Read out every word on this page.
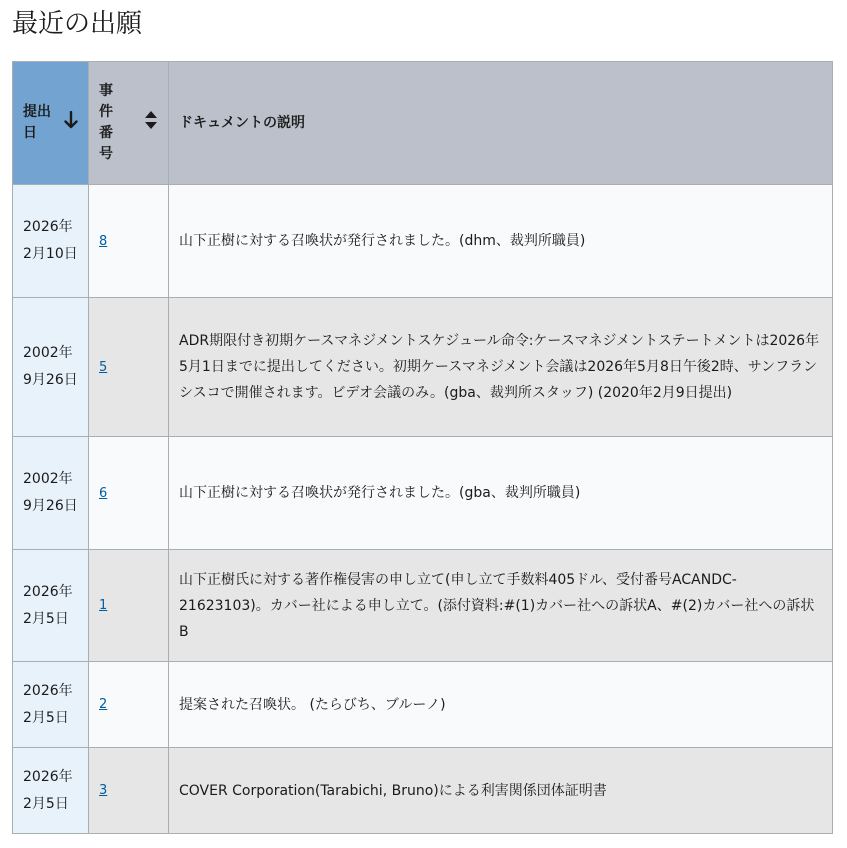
最近の出願
提出日	事件番号	ドキュメントの説明

2026年2月10日	8	山下正樹に対する召喚状が発行されました。(dhm、裁判所職員)
2002年9月26日	5	ADR期限付き初期ケースマネジメントスケジュール命令:ケースマネジメントステートメントは2026年5月1日までに提出してください。初期ケースマネジメント会議は2026年5月8日午後2時、サンフランシスコで開催されます。ビデオ会議のみ。(gba、裁判所スタッフ) (2020年2月9日提出)
2002年9月26日	6	山下正樹に対する召喚状が発行されました。(gba、裁判所職員)
2026年2月5日	1	山下正樹氏に対する著作権侵害の申し立て(申し立て手数料405ドル、受付番号ACANDC-21623103)。カバー社による申し立て。(添付資料:#(1)カバー社への訴状A、#(2)カバー社への訴状B
2026年2月5日	2	提案された召喚状。 (たらびち、ブルーノ)
2026年2月5日	3	COVER Corporation(Tarabichi, Bruno)による利害関係団体証明書
